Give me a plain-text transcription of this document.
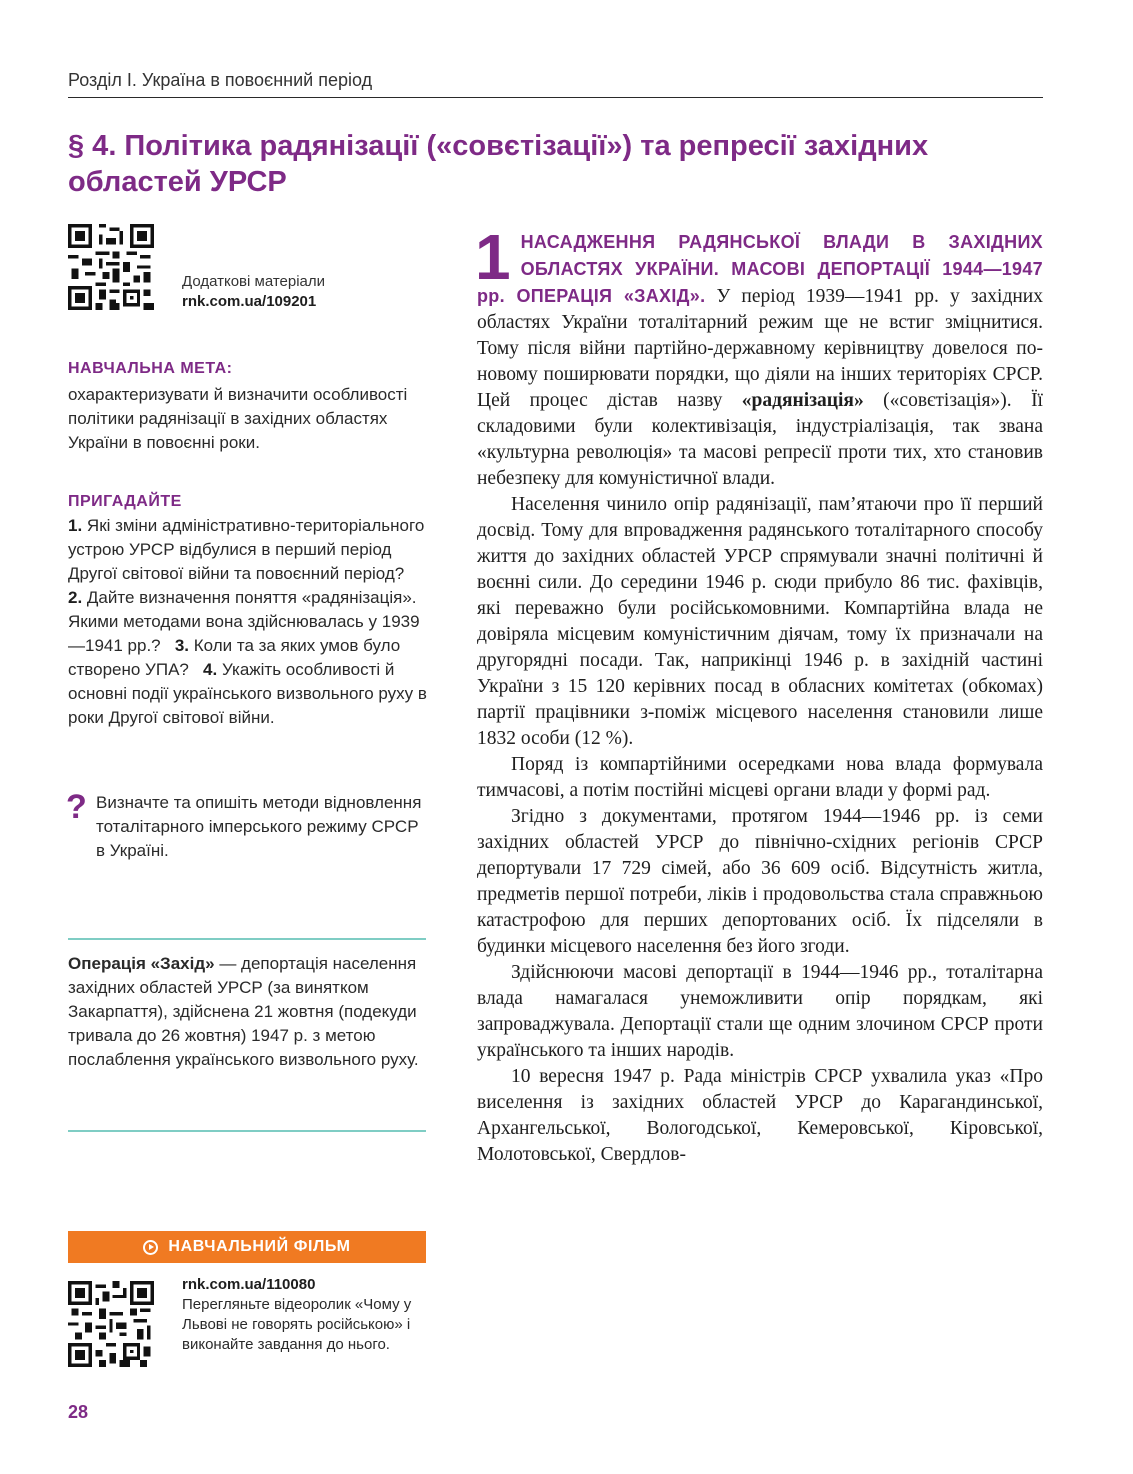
Розділ І. Україна в повоєнний період
§ 4. Політика радянізації («совєтізації») та репресії західних областей УРСР
Додаткові матеріали
rnk.com.ua/109201
НАВЧАЛЬНА МЕТА:
охарактеризувати й визначити особливості політики радянізації в західних областях України в повоєнні роки.
ПРИГАДАЙТЕ
1. Які зміни адміністративно-територіального устрою УРСР відбулися в перший період Другої світової війни та повоєнний період?   2. Дайте визначення поняття «радянізація». Якими методами вона здійснювалась у 1939—1941 рр.? 3. Коли та за яких умов було створено УПА? 4. Укажіть особливості й основні події українського визвольного руху в роки Другої світової війни.
? Визначте та опишіть методи відновлення тоталітарного імперського режиму СРСР в Україні.
Операція «Захід» — депортація населення західних областей УРСР (за винятком Закарпаття), здійснена 21 жовтня (подекуди тривала до 26 жовтня) 1947 р. з метою послаблення українського визвольного руху.
НАВЧАЛЬНИЙ ФІЛЬМ
rnk.com.ua/110080
Перегляньте відеоролик «Чому у Львові не говорять російською» і виконайте завдання до нього.
28

1 НАСАДЖЕННЯ РАДЯНСЬКОЇ ВЛАДИ В ЗАХІДНИХ ОБЛАСТЯХ УКРАЇНИ. МАСОВІ ДЕПОРТАЦІЇ 1944—1947 рр. ОПЕРАЦІЯ «ЗАХІД». У період 1939—1941 рр. у західних областях України тоталітарний режим ще не встиг зміцнитися. Тому після війни партійно-державному керівництву довелося по-новому поширювати порядки, що діяли на інших територіях СРСР. Цей процес дістав назву «радянізація» («совєтізація»). Її складовими були колективізація, індустріалізація, так звана «культурна революція» та масові репресії проти тих, хто становив небезпеку для комуністичної влади.

Населення чинило опір радянізації, пам’ятаючи про її перший досвід. Тому для впровадження радянського тоталітарного способу життя до західних областей УРСР спрямували значні політичні й воєнні сили. До середини 1946 р. сюди прибуло 86 тис. фахівців, які переважно були російськомовними. Компартійна влада не довіряла місцевим комуністичним діячам, тому їх призначали на другорядні посади. Так, наприкінці 1946 р. в західній частині України з 15 120 керівних посад в обласних комітетах (обкомах) партії працівники з-поміж місцевого населення становили лише 1832 особи (12 %).

Поряд із компартійними осередками нова влада формувала тимчасові, а потім постійні місцеві органи влади у формі рад.

Згідно з документами, протягом 1944—1946 рр. із семи західних областей УРСР до північно-східних регіонів СРСР депортували 17 729 сімей, або 36 609 осіб. Відсутність житла, предметів першої потреби, ліків і продовольства стала справжньою катастрофою для перших депортованих осіб. Їх підселяли в будинки місцевого населення без його згоди.

Здійснюючи масові депортації в 1944—1946 рр., тоталітарна влада намагалася унеможливити опір порядкам, які запроваджувала. Депортації стали ще одним злочином СРСР проти українського та інших народів.

10 вересня 1947 р. Рада міністрів СРСР ухвалила указ «Про виселення із західних областей УРСР до Карагандинської, Архангельської, Вологодської, Кемеровської, Кіровської, Молотовської, Свердлов-
